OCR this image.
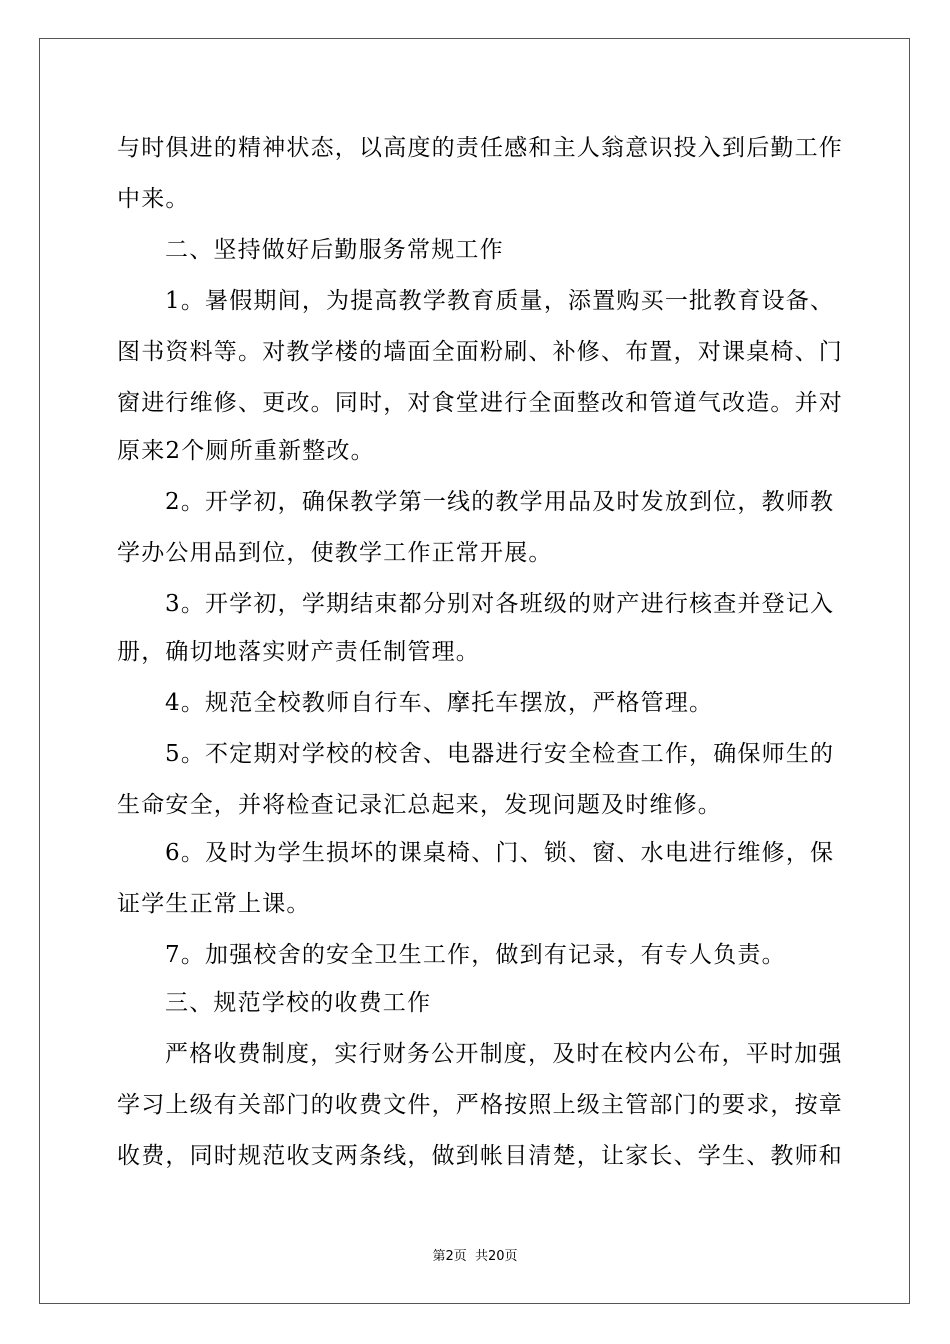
与时俱进的精神状态，以高度的责任感和主人翁意识投入到后勤工作
中来。
二、坚持做好后勤服务常规工作
1。暑假期间，为提高教学教育质量，添置购买一批教育设备、
图书资料等。对教学楼的墙面全面粉刷、补修、布置，对课桌椅、门
窗进行维修、更改。同时，对食堂进行全面整改和管道气改造。并对
原来2个厕所重新整改。
2。开学初，确保教学第一线的教学用品及时发放到位，教师教
学办公用品到位，使教学工作正常开展。
3。开学初，学期结束都分别对各班级的财产进行核查并登记入
册，确切地落实财产责任制管理。
4。规范全校教师自行车、摩托车摆放，严格管理。
5。不定期对学校的校舍、电器进行安全检查工作，确保师生的
生命安全，并将检查记录汇总起来，发现问题及时维修。
6。及时为学生损坏的课桌椅、门、锁、窗、水电进行维修，保
证学生正常上课。
7。加强校舍的安全卫生工作，做到有记录，有专人负责。
三、规范学校的收费工作
严格收费制度，实行财务公开制度，及时在校内公布，平时加强
学习上级有关部门的收费文件，严格按照上级主管部门的要求，按章
收费，同时规范收支两条线，做到帐目清楚，让家长、学生、教师和
第2页 共20页
